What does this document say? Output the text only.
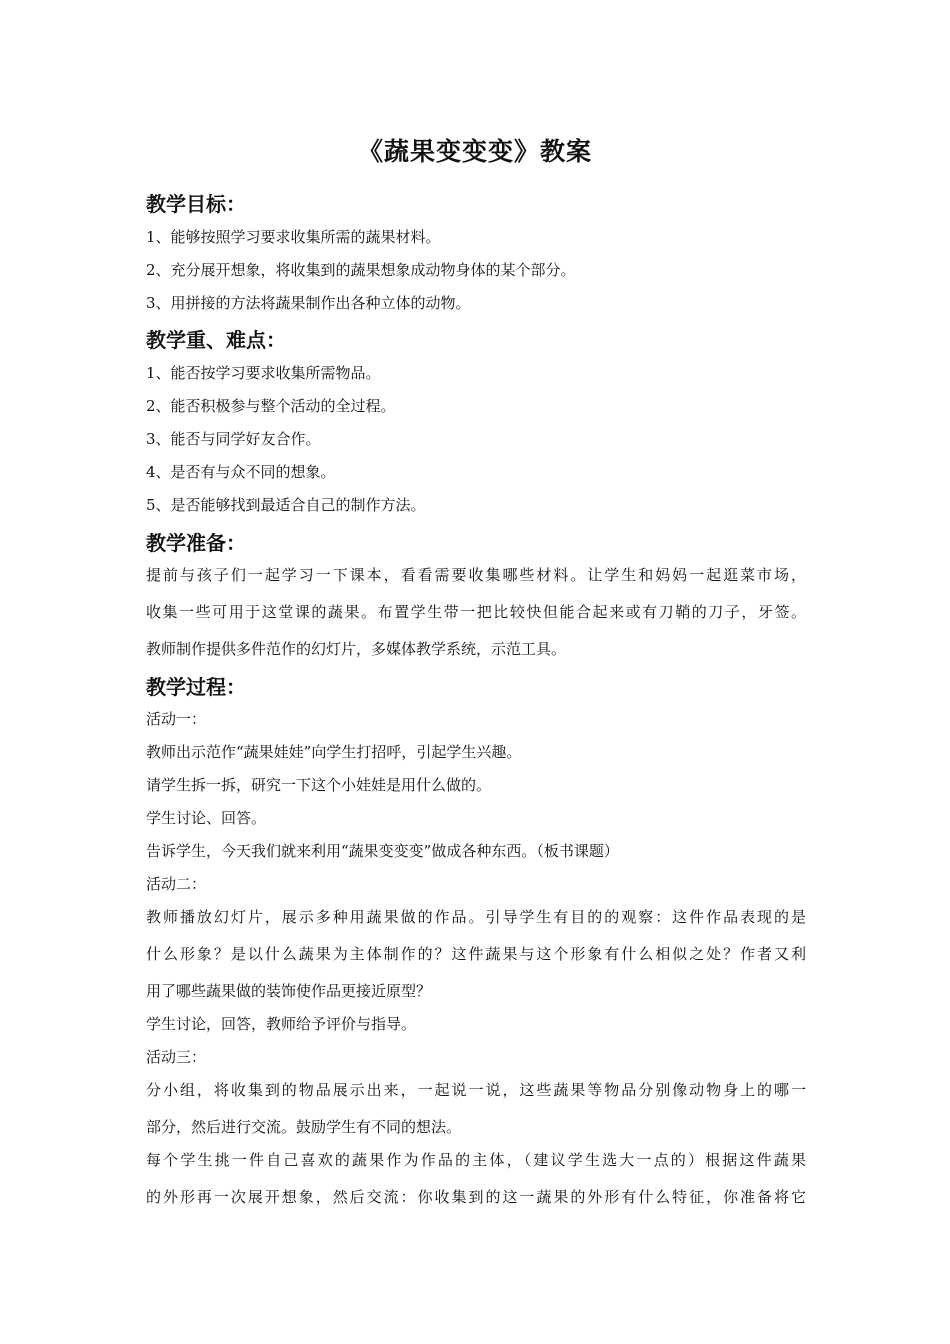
《蔬果变变变》教案
教学目标：
1、能够按照学习要求收集所需的蔬果材料。
2、充分展开想象，将收集到的蔬果想象成动物身体的某个部分。
3、用拼接的方法将蔬果制作出各种立体的动物。
教学重、难点：
1、能否按学习要求收集所需物品。
2、能否积极参与整个活动的全过程。
3、能否与同学好友合作。
4、是否有与众不同的想象。
5、是否能够找到最适合自己的制作方法。
教学准备：
提前与孩子们一起学习一下课本，看看需要收集哪些材料。让学生和妈妈一起逛菜市场，
收集一些可用于这堂课的蔬果。布置学生带一把比较快但能合起来或有刀鞘的刀子，牙签。
教师制作提供多件范作的幻灯片，多媒体教学系统，示范工具。
教学过程：
活动一：
教师出示范作“蔬果娃娃”向学生打招呼，引起学生兴趣。
请学生拆一拆，研究一下这个小娃娃是用什么做的。
学生讨论、回答。
告诉学生，今天我们就来利用“蔬果变变变”做成各种东西。（板书课题）
活动二：
教师播放幻灯片，展示多种用蔬果做的作品。引导学生有目的的观察：这件作品表现的是
什么形象？是以什么蔬果为主体制作的？这件蔬果与这个形象有什么相似之处？作者又利
用了哪些蔬果做的装饰使作品更接近原型？
学生讨论，回答，教师给予评价与指导。
活动三：
分小组，将收集到的物品展示出来，一起说一说，这些蔬果等物品分别像动物身上的哪一
部分，然后进行交流。鼓励学生有不同的想法。
每个学生挑一件自己喜欢的蔬果作为作品的主体，（建议学生选大一点的）根据这件蔬果
的外形再一次展开想象，然后交流：你收集到的这一蔬果的外形有什么特征，你准备将它
